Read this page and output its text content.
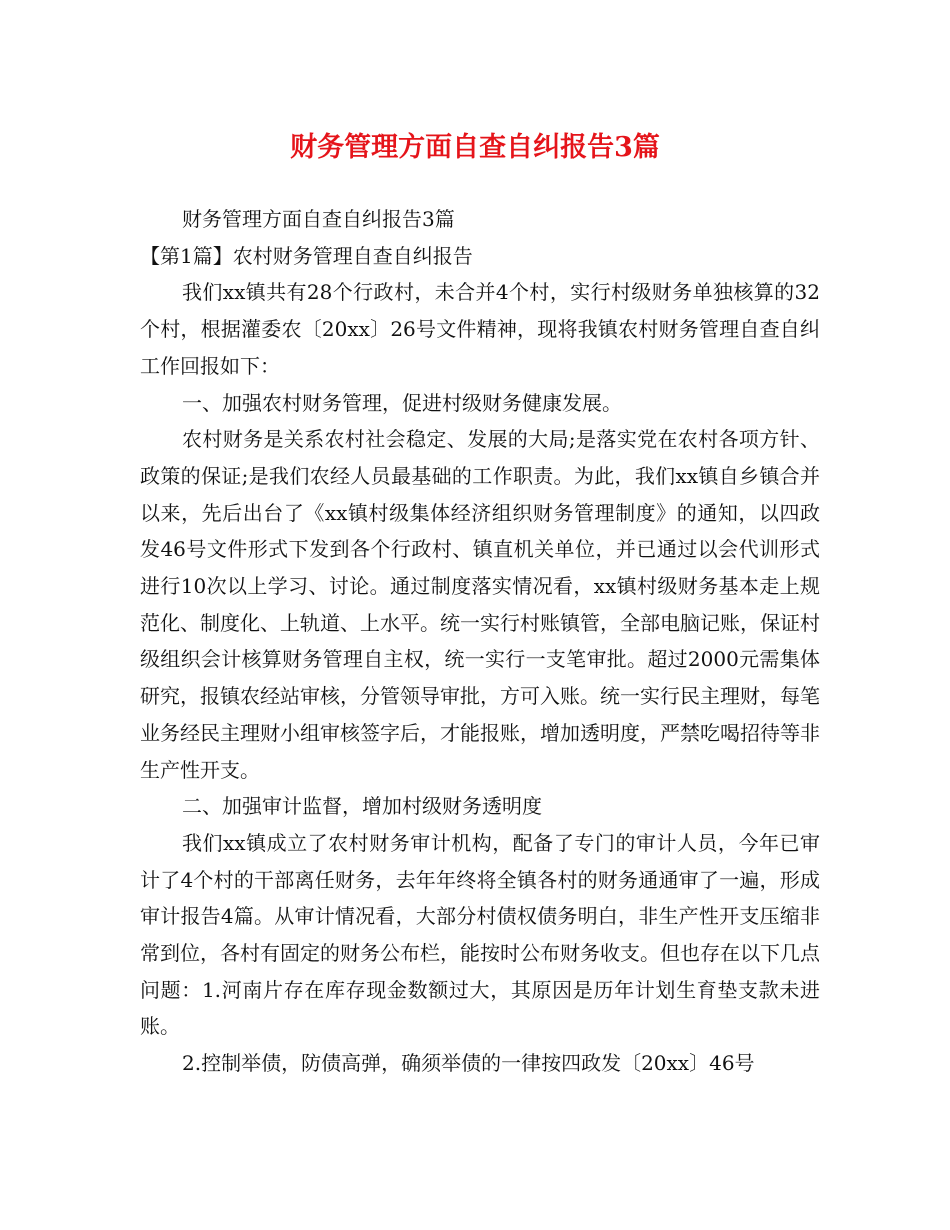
财务管理方面自查自纠报告3篇

财务管理方面自查自纠报告3篇

【第1篇】农村财务管理自查自纠报告

我们xx镇共有28个行政村，未合并4个村，实行村级财务单独核算的32个村，根据灌委农〔20xx〕26号文件精神，现将我镇农村财务管理自查自纠工作回报如下：

一、加强农村财务管理，促进村级财务健康发展。

农村财务是关系农村社会稳定、发展的大局;是落实党在农村各项方针、政策的保证;是我们农经人员最基础的工作职责。为此，我们xx镇自乡镇合并以来，先后出台了《xx镇村级集体经济组织财务管理制度》的通知，以四政发46号文件形式下发到各个行政村、镇直机关单位，并已通过以会代训形式进行10次以上学习、讨论。通过制度落实情况看，xx镇村级财务基本走上规范化、制度化、上轨道、上水平。统一实行村账镇管，全部电脑记账，保证村级组织会计核算财务管理自主权，统一实行一支笔审批。超过2000元需集体研究，报镇农经站审核，分管领导审批，方可入账。统一实行民主理财，每笔业务经民主理财小组审核签字后，才能报账，增加透明度，严禁吃喝招待等非生产性开支。

二、加强审计监督，增加村级财务透明度

我们xx镇成立了农村财务审计机构，配备了专门的审计人员，今年已审计了4个村的干部离任财务，去年年终将全镇各村的财务通通审了一遍，形成审计报告4篇。从审计情况看，大部分村债权债务明白，非生产性开支压缩非常到位，各村有固定的财务公布栏，能按时公布财务收支。但也存在以下几点问题：1.河南片存在库存现金数额过大，其原因是历年计划生育垫支款未进账。

2.控制举债，防债高弹，确须举债的一律按四政发〔20xx〕46号
